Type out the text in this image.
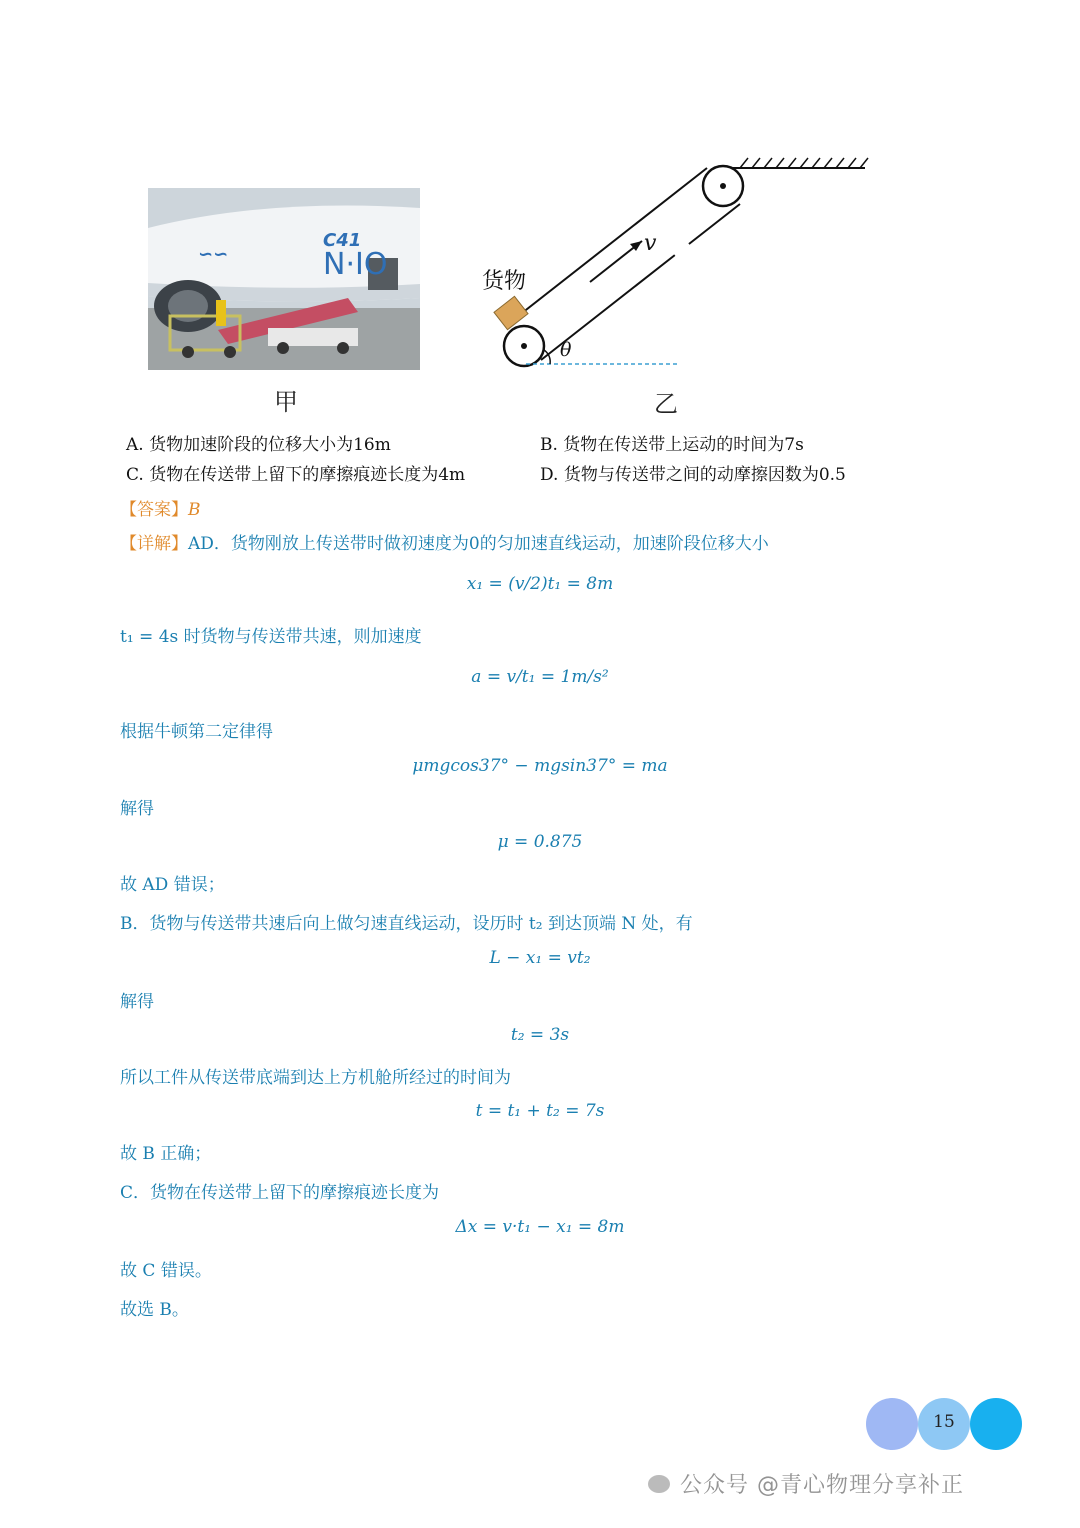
C41
N·IO
∽∽
甲
v
θ
货物
乙
A. 货物加速阶段的位移大小为16m	B. 货物在传送带上运动的时间为7s
C. 货物在传送带上留下的摩擦痕迹长度为4m	D. 货物与传送带之间的动摩擦因数为0.5
【答案】B
【详解】AD．货物刚放上传送带时做初速度为0的匀加速直线运动，加速阶段位移大小
x₁ = (v/2)t₁ = 8m
t₁ = 4s 时货物与传送带共速，则加速度
a = v/t₁ = 1m/s²
根据牛顿第二定律得
μmgcos37° − mgsin37° = ma
解得
μ = 0.875
故 AD 错误；
B．货物与传送带共速后向上做匀速直线运动，设历时 t₂ 到达顶端 N 处，有
L − x₁ = vt₂
解得
t₂ = 3s
所以工件从传送带底端到达上方机舱所经过的时间为
t = t₁ + t₂ = 7s
故 B 正确；
C．货物在传送带上留下的摩擦痕迹长度为
Δx = v·t₁ − x₁ = 8m
故 C 错误。
故选 B。
15
公众号 @青心物理分享补正
